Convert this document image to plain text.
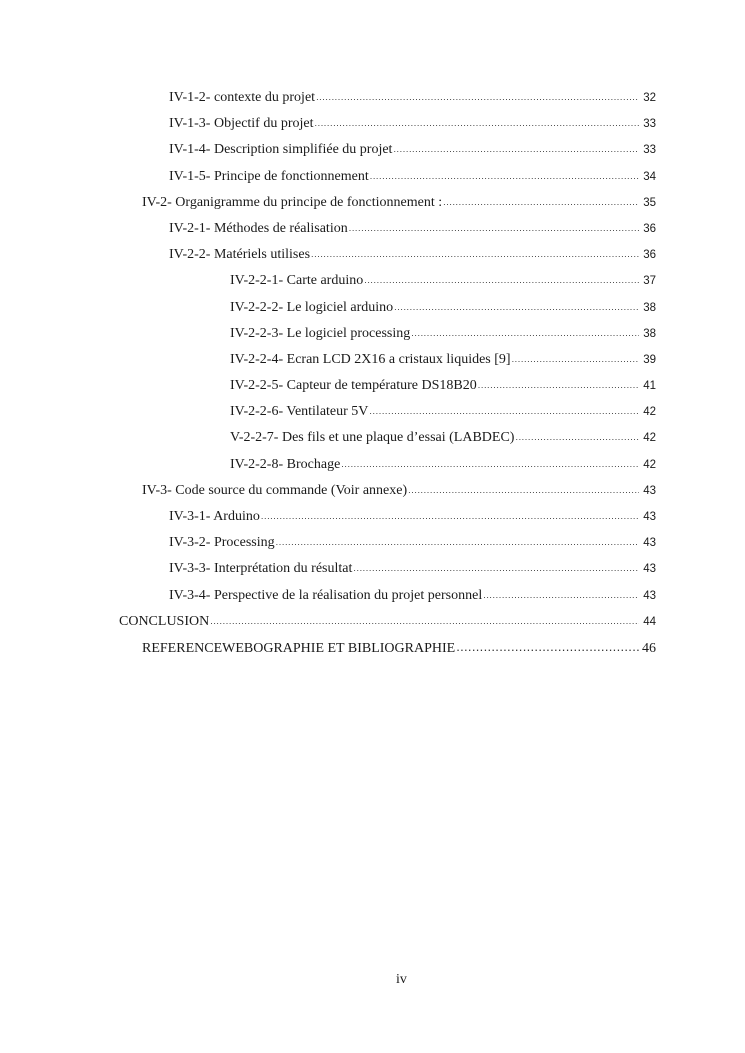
IV-1-2- contexte du projet .....	32
IV-1-3- Objectif du projet .....	33
IV-1-4- Description simplifiée du projet .....	33
IV-1-5- Principe de fonctionnement .....	34
IV-2- Organigramme du principe de fonctionnement : .....	35
IV-2-1- Méthodes de réalisation .....	36
IV-2-2- Matériels utilises .....	36
IV-2-2-1- Carte arduino .....	37
IV-2-2-2- Le logiciel arduino .....	38
IV-2-2-3- Le logiciel processing .....	38
IV-2-2-4- Ecran LCD 2X16 a cristaux liquides [9] .....	39
IV-2-2-5- Capteur de température DS18B20 .....	41
IV-2-2-6- Ventilateur 5V .....	42
V-2-2-7- Des fils et une plaque d’essai (LABDEC) .....	42
IV-2-2-8- Brochage .....	42
IV-3- Code source du commande (Voir annexe) .....	43
IV-3-1- Arduino .....	43
IV-3-2- Processing .....	43
IV-3-3- Interprétation du résultat .....	43
IV-3-4- Perspective de la réalisation du projet personnel .....	43
CONCLUSION .....	44
REFERENCEWEBOGRAPHIE ET BIBLIOGRAPHIE .....	46
iv
